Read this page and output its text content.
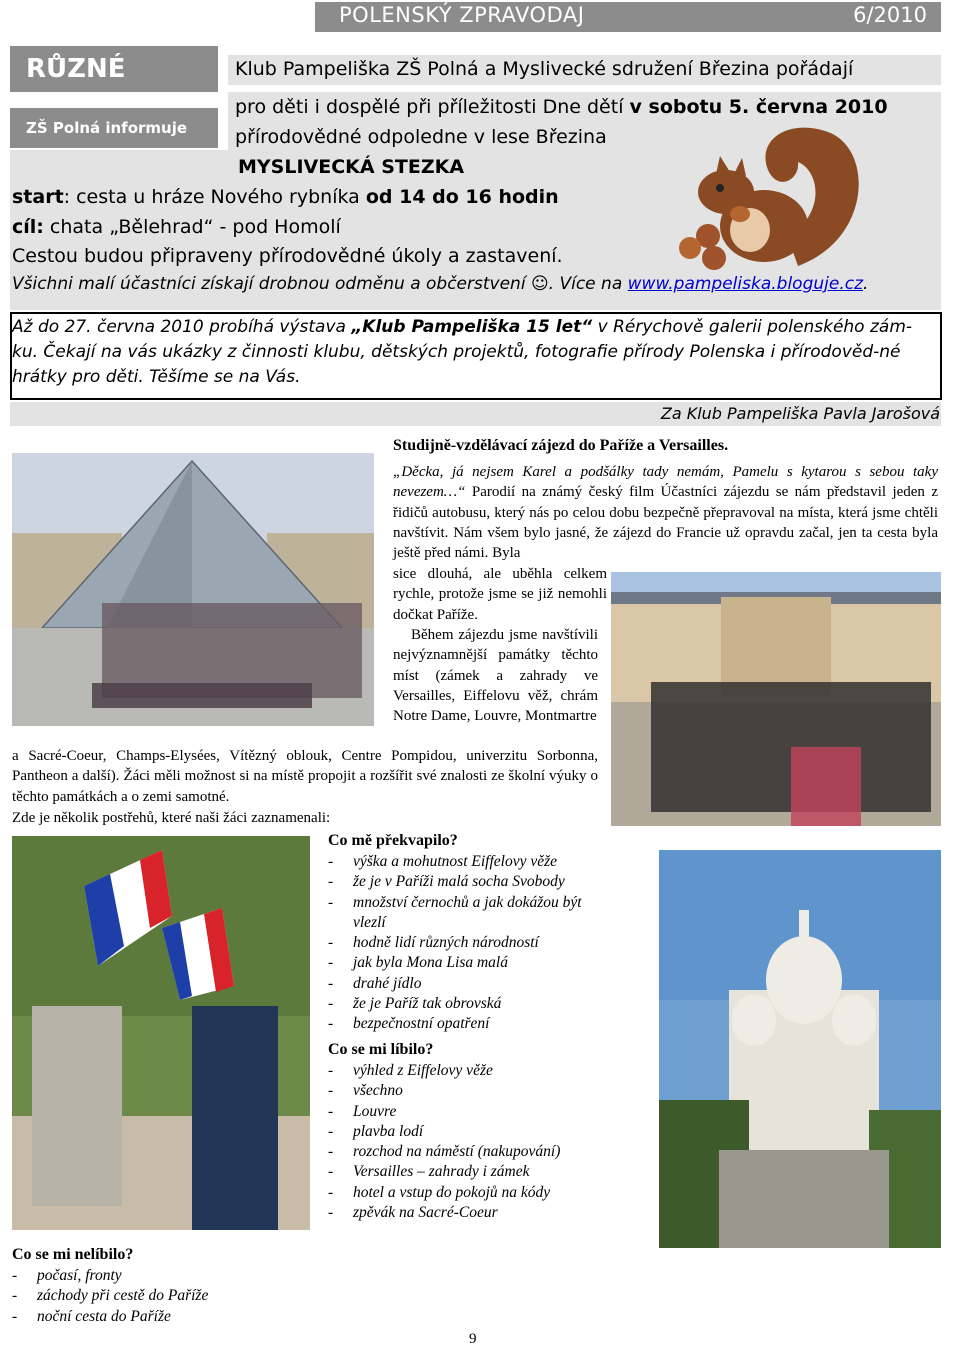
POLENSKÝ ZPRAVODAJ	6/2010
RŮZNÉ
ZŠ Polná informuje
Klub Pampeliška ZŠ Polná a Myslivecké sdružení Březina pořádají
pro děti i dospělé při příležitosti Dne dětí v sobotu 5. června 2010
přírodovědné odpoledne v lese Březina
MYSLIVECKÁ STEZKA
start: cesta u hráze Nového rybníka od 14 do 16 hodin
cíl: chata „Bělehrad“ - pod Homolí
Cestou budou připraveny přírodovědné úkoly a zastavení.
Všichni malí účastníci získají drobnou odměnu a občerstvení ☺. Více na www.pampeliska.bloguje.cz.
Až do 27. června 2010 probíhá výstava „Klub Pampeliška 15 let“ v Rérychově galerii polenského zám-ku. Čekají na vás ukázky z činnosti klubu, dětských projektů, fotografie přírody Polenska i přírodověd-né hrátky pro děti. Těšíme se na Vás.
Za Klub Pampeliška Pavla Jarošová
Studijně-vzdělávací zájezd do Paříže a Versailles.
„Děcka, já nejsem Karel a podšálky tady nemám, Pamelu s kytarou s sebou taky nevezem…“ Parodií na známý český film Účastníci zájezdu se nám představil jeden z řidičů autobusu, který nás po celou dobu bezpečně přepravoval na místa, která jsme chtěli navštívit. Nám všem bylo jasné, že zájezd do Francie už opravdu začal, jen ta cesta byla ještě před námi. Byla
sice dlouhá, ale uběhla celkem rychle, protože jsme se již nemohli dočkat Paříže.
Během zájezdu jsme navštívili nejvýznamnější památky těchto míst (zámek a zahrady ve Versailles, Eiffelovu věž, chrám Notre Dame, Louvre, Montmartre
a Sacré-Coeur, Champs-Elysées, Vítězný oblouk, Centre Pompidou, univerzitu Sorbonna, Pantheon a další). Žáci měli možnost si na místě propojit a rozšířit své znalosti ze školní výuky o těchto památkách a o zemi samotné.
Zde je několik postřehů, které naši žáci zaznamenali:
Co mě překvapilo?
- výška a mohutnost Eiffelovy věže
- že je v Paříži malá socha Svobody
- množství černochů a jak dokážou být vlezlí
- hodně lidí různých národností
- jak byla Mona Lisa malá
- drahé jídlo
- že je Paříž tak obrovská
- bezpečnostní opatření
Co se mi líbilo?
- výhled z Eiffelovy věže
- všechno
- Louvre
- plavba lodí
- rozchod na náměstí (nakupování)
- Versailles – zahrady i zámek
- hotel a vstup do pokojů na kódy
- zpěvák na Sacré-Coeur
Co se mi nelíbilo?
- počasí, fronty
- záchody při cestě do Paříže
- noční cesta do Paříže
9
